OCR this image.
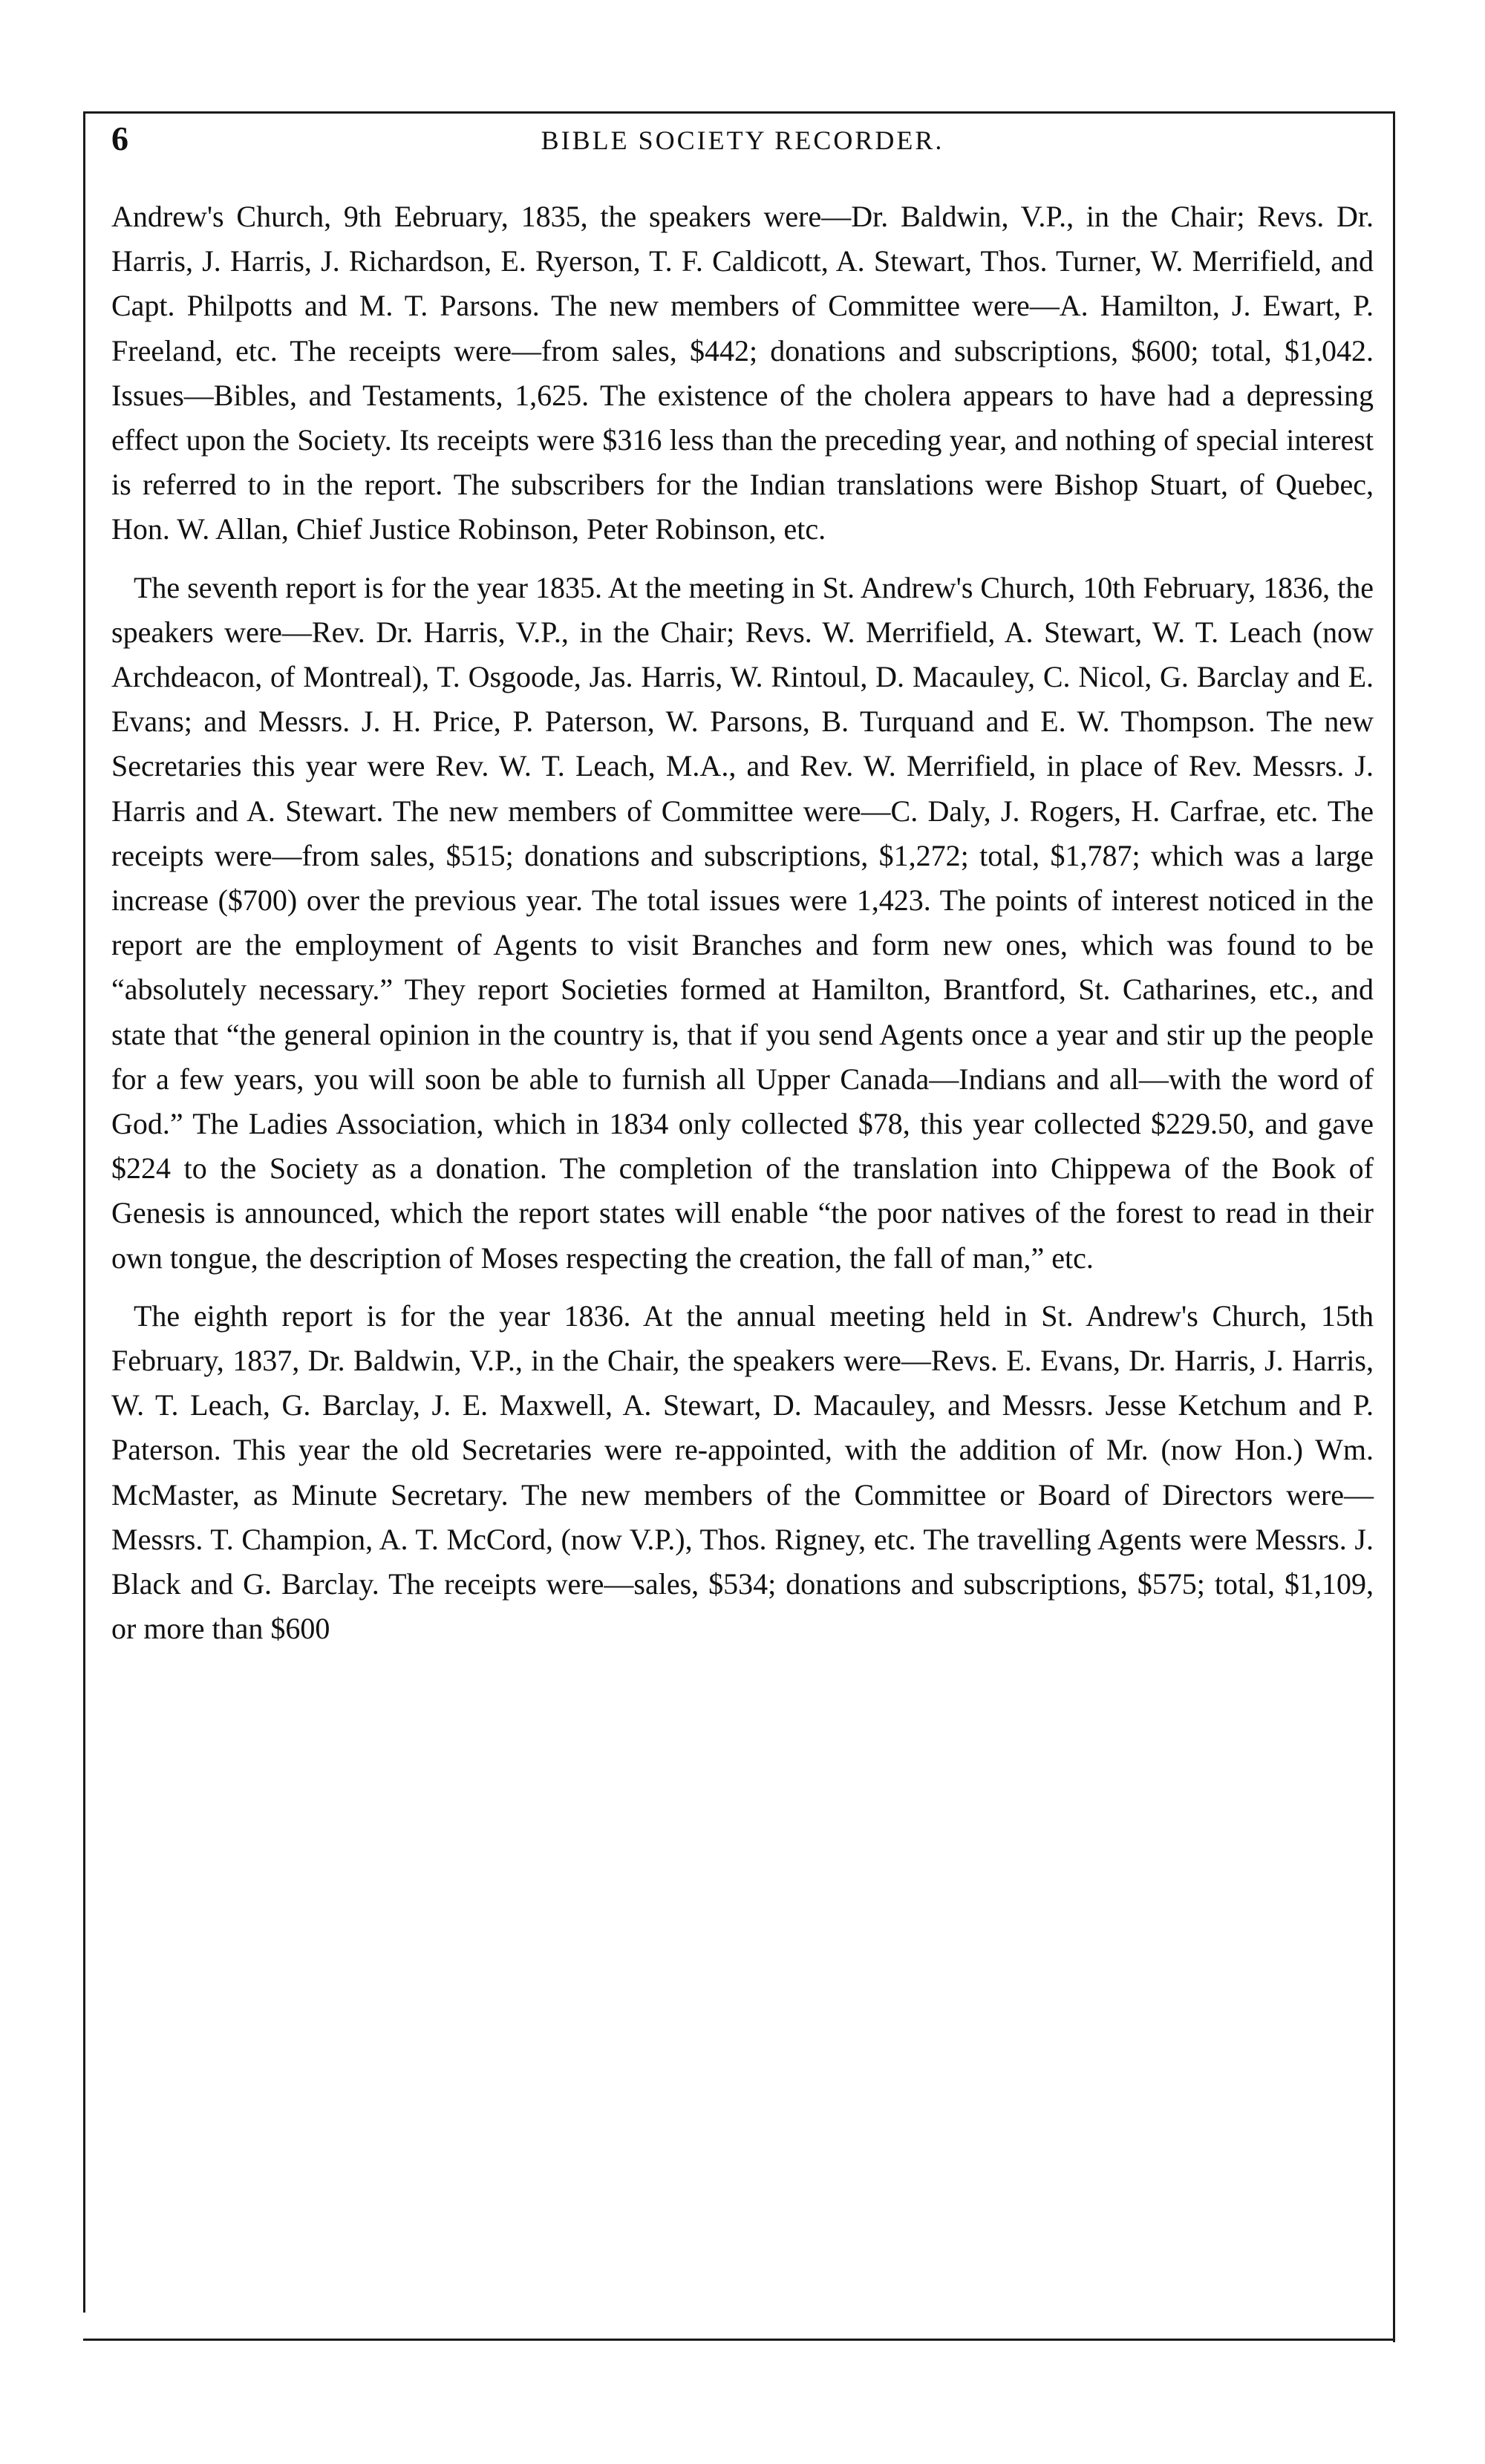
6	BIBLE SOCIETY RECORDER.

Andrew's Church, 9th Eebruary, 1835, the speakers were—Dr. Baldwin, V.P., in the Chair; Revs. Dr. Harris, J. Harris, J. Richardson, E. Ryerson, T. F. Caldicott, A. Stewart, Thos. Turner, W. Merrifield, and Capt. Philpotts and M. T. Parsons. The new members of Committee were—A. Hamilton, J. Ewart, P. Freeland, etc. The receipts were—from sales, $442; donations and subscriptions, $600; total, $1,042. Issues—Bibles, and Testaments, 1,625. The existence of the cholera appears to have had a depressing effect upon the Society. Its receipts were $316 less than the preceding year, and nothing of special interest is referred to in the report. The subscribers for the Indian translations were Bishop Stuart, of Quebec, Hon. W. Allan, Chief Justice Robinson, Peter Robinson, etc.

The seventh report is for the year 1835. At the meeting in St. Andrew's Church, 10th February, 1836, the speakers were—Rev. Dr. Harris, V.P., in the Chair; Revs. W. Merrifield, A. Stewart, W. T. Leach (now Archdeacon, of Montreal), T. Osgoode, Jas. Harris, W. Rintoul, D. Macauley, C. Nicol, G. Barclay and E. Evans; and Messrs. J. H. Price, P. Paterson, W. Parsons, B. Turquand and E. W. Thompson. The new Secretaries this year were Rev. W. T. Leach, M.A., and Rev. W. Merrifield, in place of Rev. Messrs. J. Harris and A. Stewart. The new members of Committee were—C. Daly, J. Rogers, H. Carfrae, etc. The receipts were—from sales, $515; donations and subscriptions, $1,272; total, $1,787; which was a large increase ($700) over the previous year. The total issues were 1,423. The points of interest noticed in the report are the employment of Agents to visit Branches and form new ones, which was found to be “absolutely necessary.” They report Societies formed at Hamilton, Brantford, St. Catharines, etc., and state that “the general opinion in the country is, that if you send Agents once a year and stir up the people for a few years, you will soon be able to furnish all Upper Canada—Indians and all—with the word of God.” The Ladies Association, which in 1834 only collected $78, this year collected $229.50, and gave $224 to the Society as a donation. The completion of the translation into Chippewa of the Book of Genesis is announced, which the report states will enable “the poor natives of the forest to read in their own tongue, the description of Moses respecting the creation, the fall of man,” etc.

The eighth report is for the year 1836. At the annual meeting held in St. Andrew's Church, 15th February, 1837, Dr. Baldwin, V.P., in the Chair, the speakers were—Revs. E. Evans, Dr. Harris, J. Harris, W. T. Leach, G. Barclay, J. E. Maxwell, A. Stewart, D. Macauley, and Messrs. Jesse Ketchum and P. Paterson. This year the old Secretaries were re-appointed, with the addition of Mr. (now Hon.) Wm. McMaster, as Minute Secretary. The new members of the Committee or Board of Directors were—Messrs. T. Champion, A. T. McCord, (now V.P.), Thos. Rigney, etc. The travelling Agents were Messrs. J. Black and G. Barclay. The receipts were—sales, $534; donations and subscriptions, $575; total, $1,109, or more than $600
